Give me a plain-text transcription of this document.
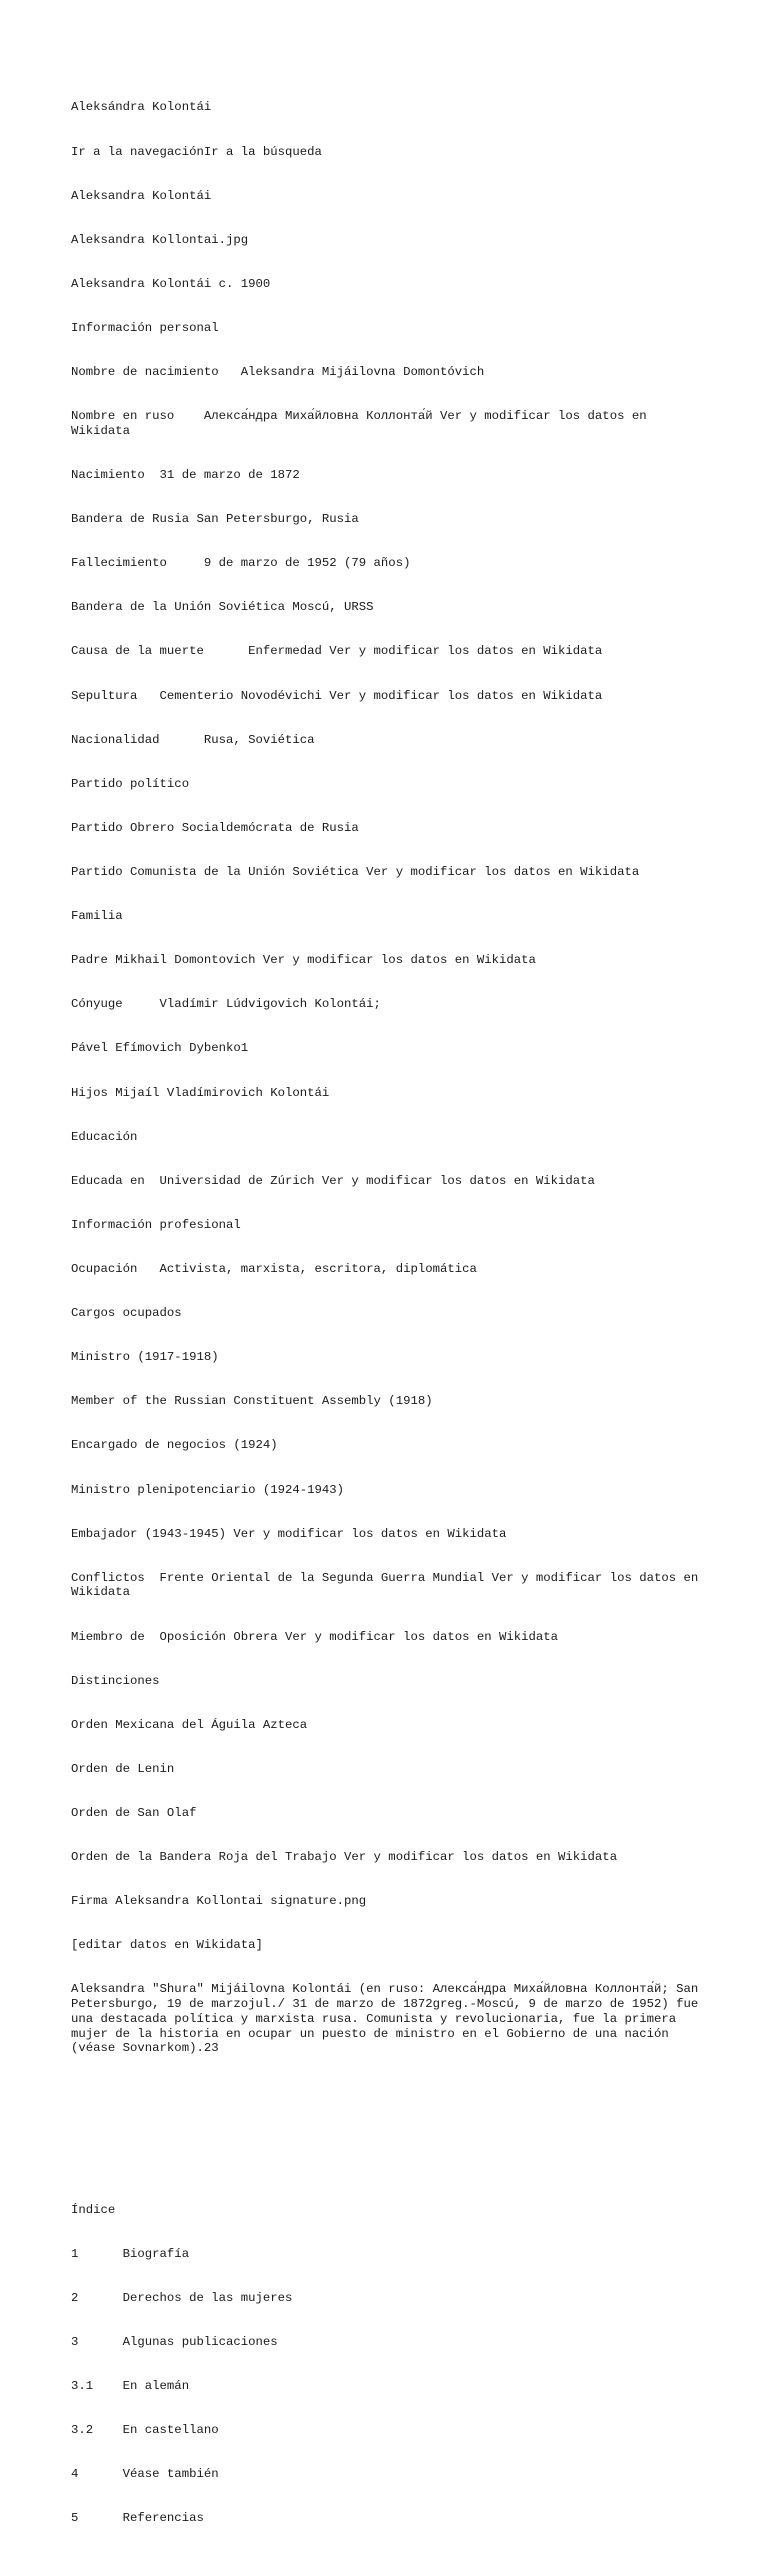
Aleksándra Kolontái

Ir a la navegaciónIr a la búsqueda

Aleksandra Kolontái

Aleksandra Kollontai.jpg

Aleksandra Kolontái c. 1900

Información personal

Nombre de nacimiento   Aleksandra Mijáilovna Domontóvich

Nombre en ruso    Алекса́ндра Миха́йловна Коллонта́й Ver y modificar los datos en Wikidata

Nacimiento  31 de marzo de 1872

Bandera de Rusia San Petersburgo, Rusia

Fallecimiento     9 de marzo de 1952 (79 años)

Bandera de la Unión Soviética Moscú, URSS

Causa de la muerte      Enfermedad Ver y modificar los datos en Wikidata

Sepultura   Cementerio Novodévichi Ver y modificar los datos en Wikidata

Nacionalidad      Rusa, Soviética

Partido político

Partido Obrero Socialdemócrata de Rusia

Partido Comunista de la Unión Soviética Ver y modificar los datos en Wikidata

Familia

Padre Mikhail Domontovich Ver y modificar los datos en Wikidata

Cónyuge     Vladímir Lúdvigovich Kolontái;

Pável Efímovich Dybenko1

Hijos Mijaíl Vladímirovich Kolontái

Educación

Educada en  Universidad de Zúrich Ver y modificar los datos en Wikidata

Información profesional

Ocupación   Activista, marxista, escritora, diplomática

Cargos ocupados

Ministro (1917-1918)

Member of the Russian Constituent Assembly (1918)

Encargado de negocios (1924)

Ministro plenipotenciario (1924-1943)

Embajador (1943-1945) Ver y modificar los datos en Wikidata

Conflictos  Frente Oriental de la Segunda Guerra Mundial Ver y modificar los datos en Wikidata

Miembro de  Oposición Obrera Ver y modificar los datos en Wikidata

Distinciones

Orden Mexicana del Águila Azteca

Orden de Lenin

Orden de San Olaf

Orden de la Bandera Roja del Trabajo Ver y modificar los datos en Wikidata

Firma Aleksandra Kollontai signature.png

[editar datos en Wikidata]

Aleksandra "Shura" Mijáilovna Kolontái (en ruso: Алекса́ндра Миха́йловна Коллонта́й; San Petersburgo, 19 de marzojul./ 31 de marzo de 1872greg.-Moscú, 9 de marzo de 1952) fue una destacada política y marxista rusa. Comunista y revolucionaria, fue la primera mujer de la historia en ocupar un puesto de ministro en el Gobierno de una nación (véase Sovnarkom).23

Índice

1      Biografía

2      Derechos de las mujeres

3      Algunas publicaciones

3.1    En alemán

3.2    En castellano

4      Véase también

5      Referencias
